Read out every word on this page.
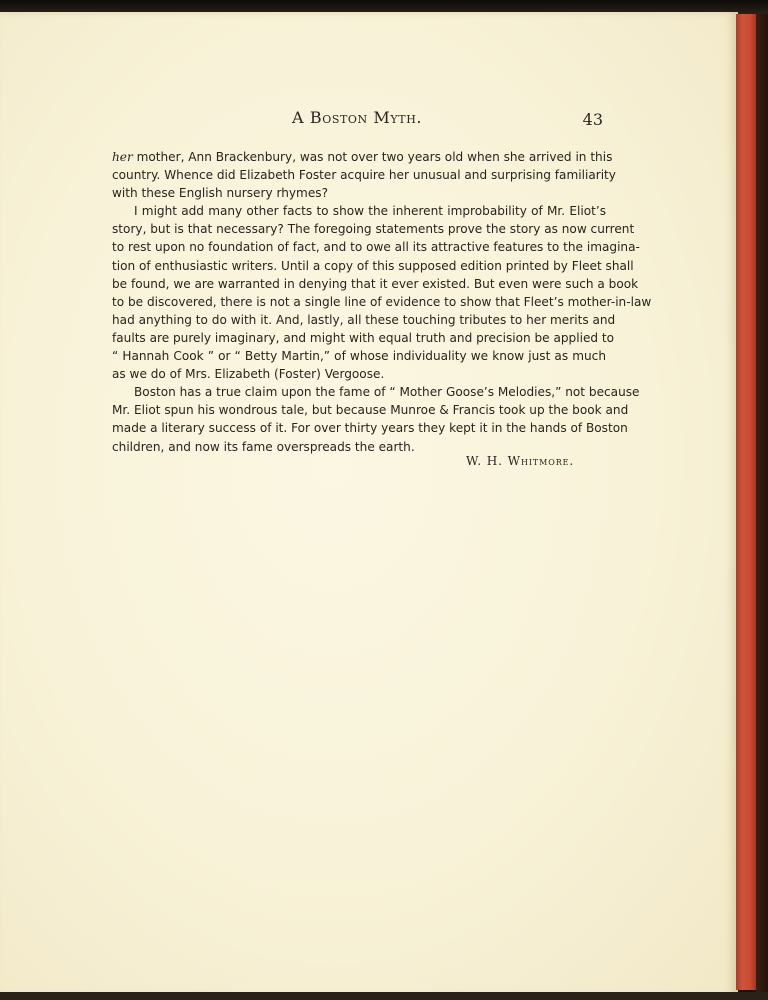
A Boston Myth.	43
her mother, Ann Brackenbury, was not over two years old when she arrived in this
country. Whence did Elizabeth Foster acquire her unusual and surprising familiarity
with these English nursery rhymes?
I might add many other facts to show the inherent improbability of Mr. Eliot’s
story, but is that necessary? The foregoing statements prove the story as now current
to rest upon no foundation of fact, and to owe all its attractive features to the imagina-
tion of enthusiastic writers. Until a copy of this supposed edition printed by Fleet shall
be found, we are warranted in denying that it ever existed. But even were such a book
to be discovered, there is not a single line of evidence to show that Fleet’s mother-in-law
had anything to do with it. And, lastly, all these touching tributes to her merits and
faults are purely imaginary, and might with equal truth and precision be applied to
“ Hannah Cook ” or “ Betty Martin,” of whose individuality we know just as much
as we do of Mrs. Elizabeth (Foster) Vergoose.
Boston has a true claim upon the fame of “ Mother Goose’s Melodies,” not because
Mr. Eliot spun his wondrous tale, but because Munroe & Francis took up the book and
made a literary success of it. For over thirty years they kept it in the hands of Boston
children, and now its fame overspreads the earth.
W. H. Whitmore.
